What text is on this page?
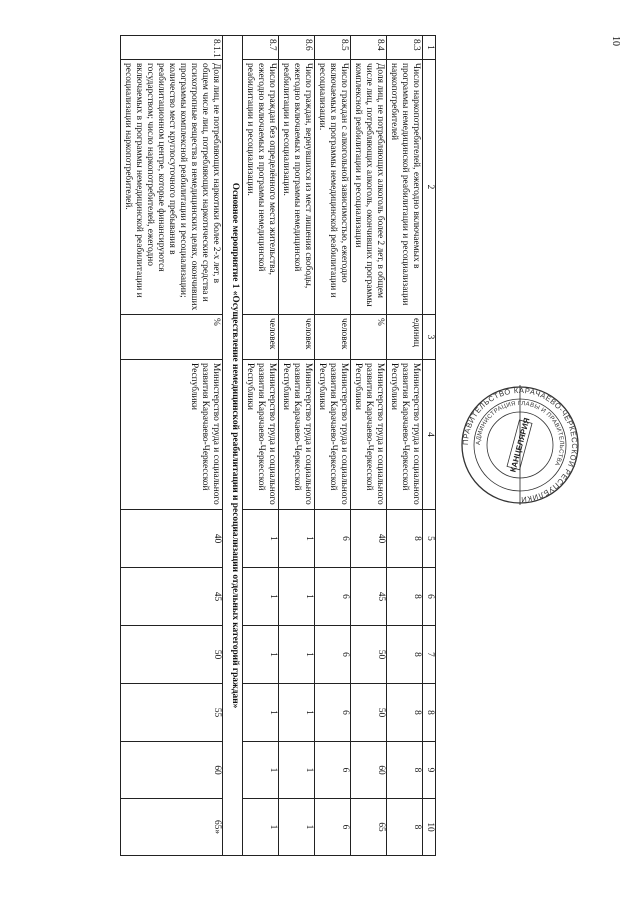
10
1	2	3	4	5	6	7	8	9	10
8.3	Число наркопотребителей, ежегодно включаемых в программы немедицинской реабилитации и ресоциализации наркопотребителей	единиц	Министерство труда и социального развития Карачаево-Черкесской Республики	8	8	8	8	8	8
8.4	Доля лиц, не потребляющих алкоголь более 2 лет, в общем числе лиц, потребляющих алкоголь, окончивших программы комплексной реабилитации и ресоциализации	%	Министерство труда и социального развития Карачаево-Черкесской Республики	40	45	50	50	60	65
8.5	Число граждан с алкогольной зависимостью, ежегодно включаемых в программы немедицинской реабилитации и ресоциализации.	человек	Министерство труда и социального развития Карачаево-Черкесской Республики	6	6	6	6	6	6
8.6	Число граждан, вернувшихся из мест лишения свободы, ежегодно включаемых в программы немедицинской реабилитации и ресоциализации.	человек	Министерство труда и социального развития Карачаево-Черкесской Республики	1	1	1	1	1	1
8.7	Число граждан без определённого места жительства, ежегодно включаемых в программы немедицинской реабилитации и ресоциализации.	человек	Министерство труда и социального развития Карачаево-Черкесской Республики	1	1	1	1	1	1
Основное мероприятие 1 «Осуществление немедицинской реабилитации и ресоциализации отдельных категорий граждан»									
8.1.1	Доля лиц, не потребляющих наркотики более 2-х лет, в общем числе лиц, потребляющих наркотические средства и психотропные вещества в немедицинских целях, окончивших программы комплексной реабилитации и ресоциализации; количество мест круглосуточного пребывания в реабилитационном центре, которые финансируются государством; число наркопотребителей, ежегодно включаемых в программы немедицинской реабилитации и ресоциализации наркопотребителей.	%	Министерство труда и социального развития Карачаево-Черкесской Республики	40	45	50	55	60	65»
ПРАВИТЕЛЬСТВО КАРАЧАЕВО-ЧЕРКЕССКОЙ РЕСПУБЛИКИ
АДМИНИСТРАЦИЯ ГЛАВЫ И ПРАВИТЕЛЬСТВА
КАНЦЕЛЯРИЯ
